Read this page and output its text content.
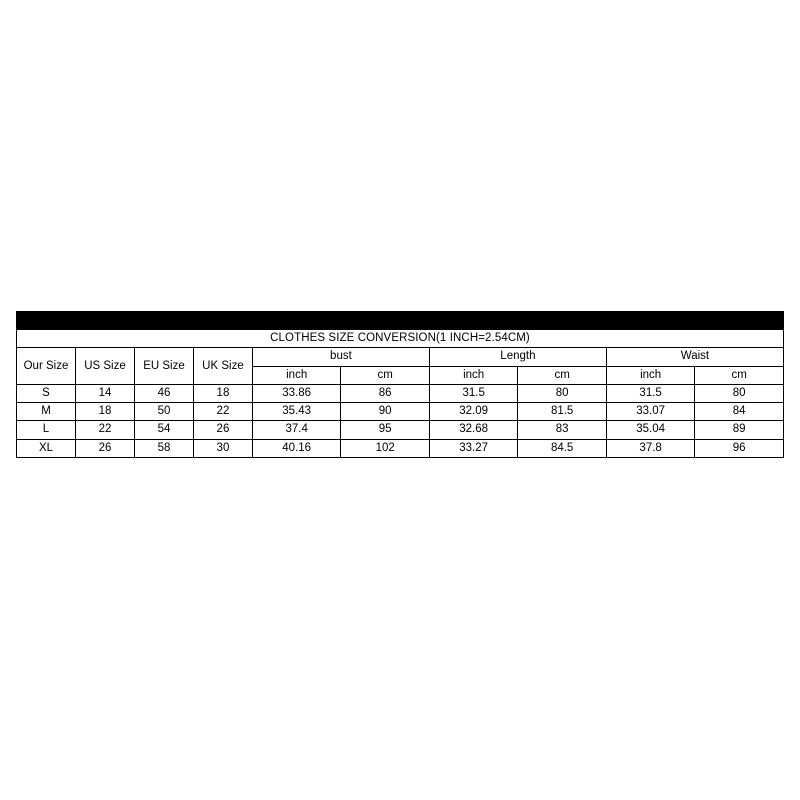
SIZE CHART									
CLOTHES SIZE CONVERSION(1 INCH=2.54CM)									
Our Size	US Size	EU Size	UK Size	bust		Length		Waist	
				inch	cm	inch	cm	inch	cm
S	14	46	18	33.86	86	31.5	80	31.5	80
M	18	50	22	35.43	90	32.09	81.5	33.07	84
L	22	54	26	37.4	95	32.68	83	35.04	89
XL	26	58	30	40.16	102	33.27	84.5	37.8	96
